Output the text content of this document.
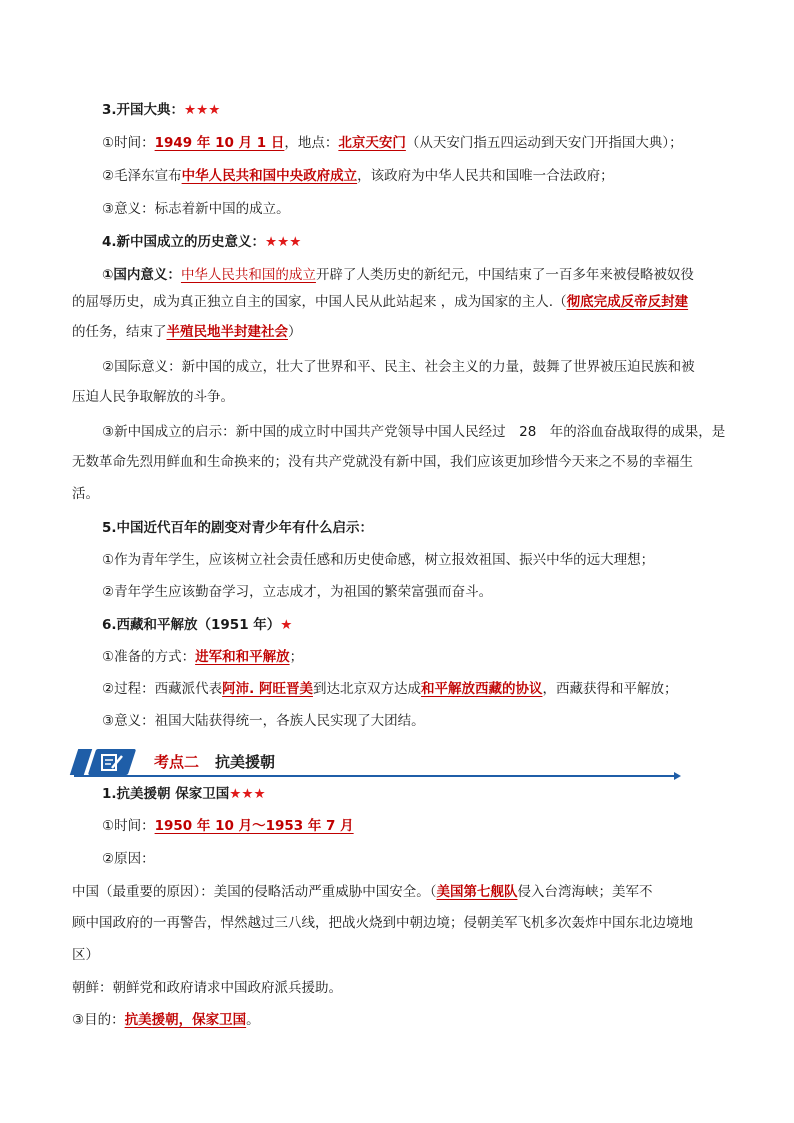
3.开国大典：★★★
①时间：1949 年 10 月 1 日，地点：北京天安门（从天安门指五四运动到天安门开指国大典）；
②毛泽东宣布中华人民共和国中央政府成立，该政府为中华人民共和国唯一合法政府；
③意义：标志着新中国的成立。
4.新中国成立的历史意义：★★★
①国内意义：中华人民共和国的成立开辟了人类历史的新纪元，中国结束了一百多年来被侵略被奴役
的屈辱历史，成为真正独立自主的国家，中国人民从此站起来 ，成为国家的主人.（彻底完成反帝反封建
的任务，结束了半殖民地半封建社会）
②国际意义：新中国的成立，壮大了世界和平、民主、社会主义的力量，鼓舞了世界被压迫民族和被
压迫人民争取解放的斗争。
③新中国成立的启示：新中国的成立时中国共产党领导中国人民经过　28　年的浴血奋战取得的成果，是
无数革命先烈用鲜血和生命换来的；没有共产党就没有新中国，我们应该更加珍惜今天来之不易的幸福生
活。
5.中国近代百年的剧变对青少年有什么启示：
①作为青年学生，应该树立社会责任感和历史使命感，树立报效祖国、振兴中华的远大理想；
②青年学生应该勤奋学习，立志成才，为祖国的繁荣富强而奋斗。
6.西藏和平解放（1951 年）★
①准备的方式：进军和和平解放；
②过程：西藏派代表阿沛. 阿旺晋美到达北京双方达成和平解放西藏的协议，西藏获得和平解放；
③意义：祖国大陆获得统一，各族人民实现了大团结。
考点二 抗美援朝
1.抗美援朝 保家卫国★★★
①时间：1950 年 10 月～1953 年 7 月
②原因：
中国（最重要的原因）：美国的侵略活动严重威胁中国安全。（美国第七舰队侵入台湾海峡；美军不
顾中国政府的一再警告，悍然越过三八线，把战火烧到中朝边境；侵朝美军飞机多次轰炸中国东北边境地
区）
朝鲜：朝鲜党和政府请求中国政府派兵援助。
③目的：抗美援朝，保家卫国。
